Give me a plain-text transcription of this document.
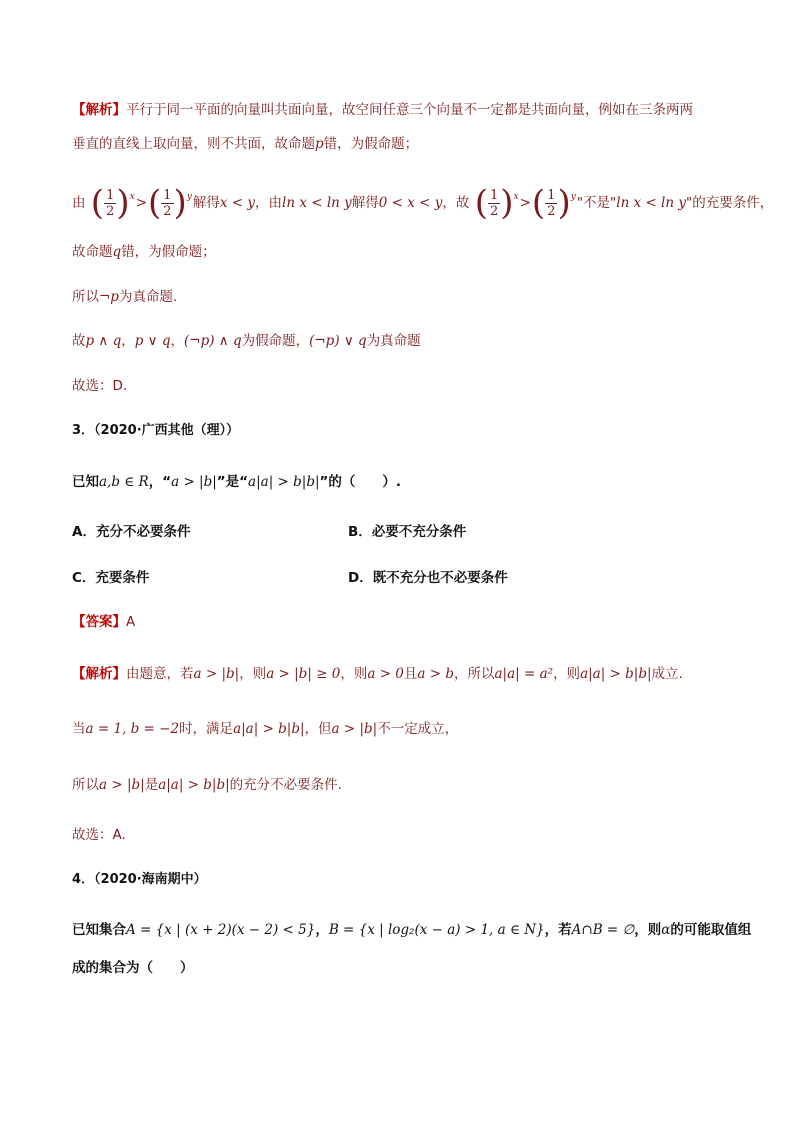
【解析】平行于同一平面的向量叫共面向量，故空间任意三个向量不一定都是共面向量，例如在三条两两
垂直的直线上取向量，则不共面，故命题p错，为假命题；
由 ( $\frac{1}{2} )^x>( \frac{1}{2} )^y$解得x < y，由ln x < ln y解得0 < x < y，故 ( $\frac{1}{2} )^x>( \frac{1}{2} )^y$"不是"ln x < ln y"的充要条件，
故命题q错，为假命题；
所以¬p为真命题.
故p ∧ q，p ∨ q，(¬p) ∧ q为假命题，(¬p) ∨ q为真命题
故选：D.
3．（2020·广西其他（理））
已知a,b ∈ R，“a > |b|”是“a|a| > b|b|”的（　　）.
A．充分不必要条件	B．必要不充分条件
C．充要条件	D．既不充分也不必要条件
【答案】A
【解析】由题意，若a > |b|，则a > |b| ≥ 0，则a > 0且a > b，所以a|a| = a²，则a|a| > b|b|成立.
当a = 1, b = −2时，满足a|a| > b|b|，但a > |b|不一定成立，
所以a > |b|是a|a| > b|b|的充分不必要条件.
故选：A.
4．（2020·海南期中）
已知集合A = {x | (x + 2)(x − 2) < 5}，B = {x | log₂(x − a) > 1, a ∈ N}，若A∩B = ∅，则α的可能取值组
成的集合为（　　）
